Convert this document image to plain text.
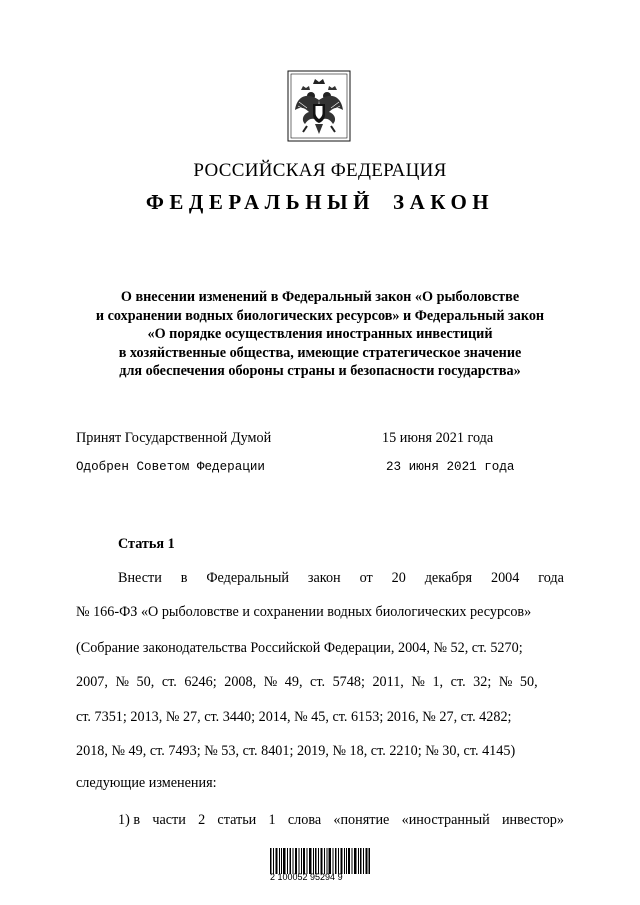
РОССИЙСКАЯ ФЕДЕРАЦИЯ
ФЕДЕРАЛЬНЫЙ ЗАКОН
О внесении изменений в Федеральный закон «О рыболовстве
и сохранении водных биологических ресурсов» и Федеральный закон
«О порядке осуществления иностранных инвестиций
в хозяйственные общества, имеющие стратегическое значение
для обеспечения обороны страны и безопасности государства»
Принят Государственной Думой	15 июня 2021 года
Одобрен Советом Федерации	23 июня 2021 года
Статья 1
Внести в Федеральный закон от 20 декабря 2004 года
№ 166-ФЗ «О рыболовстве и сохранении водных биологических ресурсов»
(Собрание законодательства Российской Федерации, 2004, № 52, ст. 5270;
2007, № 50, ст. 6246; 2008, № 49, ст. 5748; 2011, № 1, ст. 32; № 50,
ст. 7351; 2013, № 27, ст. 3440; 2014, № 45, ст. 6153; 2016, № 27, ст. 4282;
2018, № 49, ст. 7493; № 53, ст. 8401; 2019, № 18, ст. 2210; № 30, ст. 4145)
следующие изменения:
1) в части 2 статьи 1 слова «понятие «иностранный инвестор»
2 100052 95294 9
